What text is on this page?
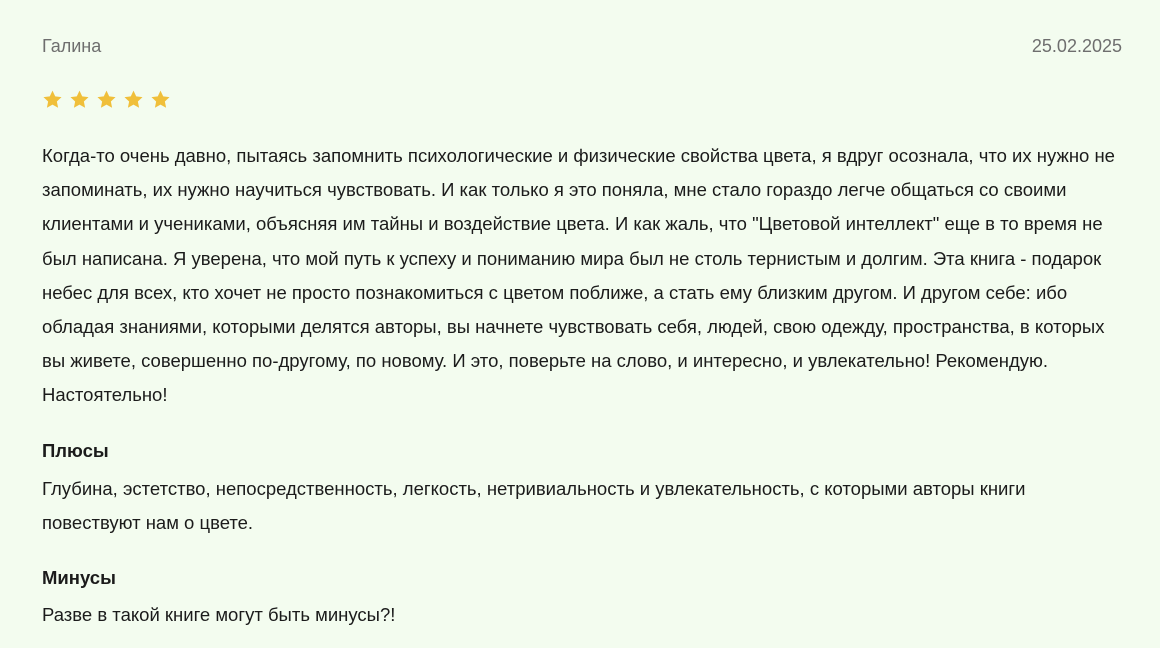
Галина	25.02.2025

Когда-то очень давно, пытаясь запомнить психологические и физические свойства цвета, я вдруг осознала, что их нужно не запоминать, их нужно научиться чувствовать. И как только я это поняла, мне стало гораздо легче общаться со своими клиентами и учениками, объясняя им тайны и воздействие цвета. И как жаль, что "Цветовой интеллект" еще в то время не был написана. Я уверена, что мой путь к успеху и пониманию мира был не столь тернистым и долгим. Эта книга - подарок небес для всех, кто хочет не просто познакомиться с цветом поближе, а стать ему близким другом. И другом себе: ибо обладая знаниями, которыми делятся авторы, вы начнете чувствовать себя, людей, свою одежду, пространства, в которых вы живете, совершенно по-другому, по новому. И это, поверьте на слово, и интересно, и увлекательно! Рекомендую. Настоятельно!

Плюсы

Глубина, эстетство, непосредственность, легкость, нетривиальность и увлекательность, с которыми авторы книги повествуют нам о цвете.

Минусы

Разве в такой книге могут быть минусы?!
